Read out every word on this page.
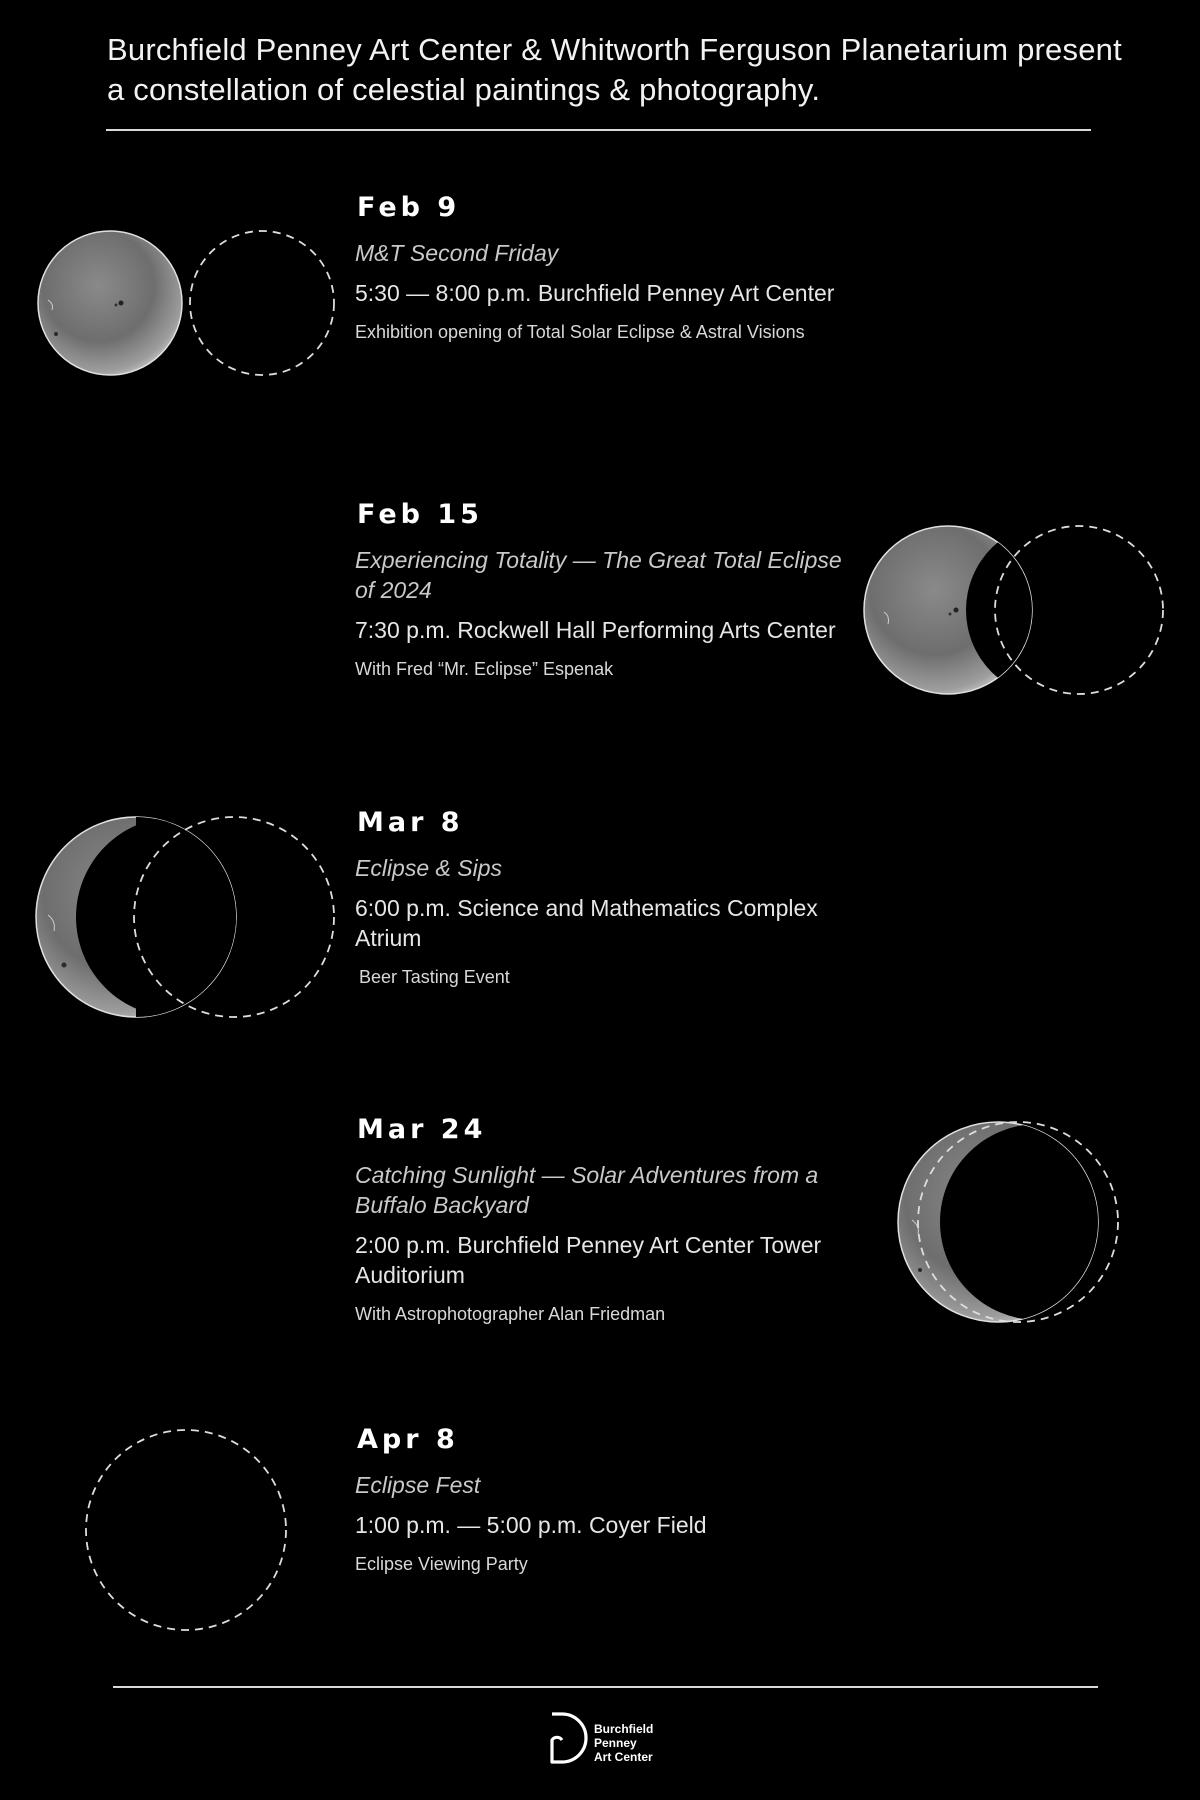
Burchfield Penney Art Center & Whitworth Ferguson Planetarium present
a constellation of celestial paintings & photography.

Feb 9

M&T Second Friday

5:30 — 8:00 p.m. Burchfield Penney Art Center

Exhibition opening of Total Solar Eclipse & Astral Visions

Feb 15

Experiencing Totality — The Great Total Eclipse of 2024

7:30 p.m. Rockwell Hall Performing Arts Center

With Fred “Mr. Eclipse” Espenak

Mar 8

Eclipse & Sips

6:00 p.m. Science and Mathematics Complex Atrium

Beer Tasting Event

Mar 24

Catching Sunlight — Solar Adventures from a Buffalo Backyard

2:00 p.m. Burchfield Penney Art Center Tower Auditorium

With Astrophotographer Alan Friedman

Apr 8

Eclipse Fest

1:00 p.m. — 5:00 p.m. Coyer Field

Eclipse Viewing Party

Burchfield
Penney
Art Center
